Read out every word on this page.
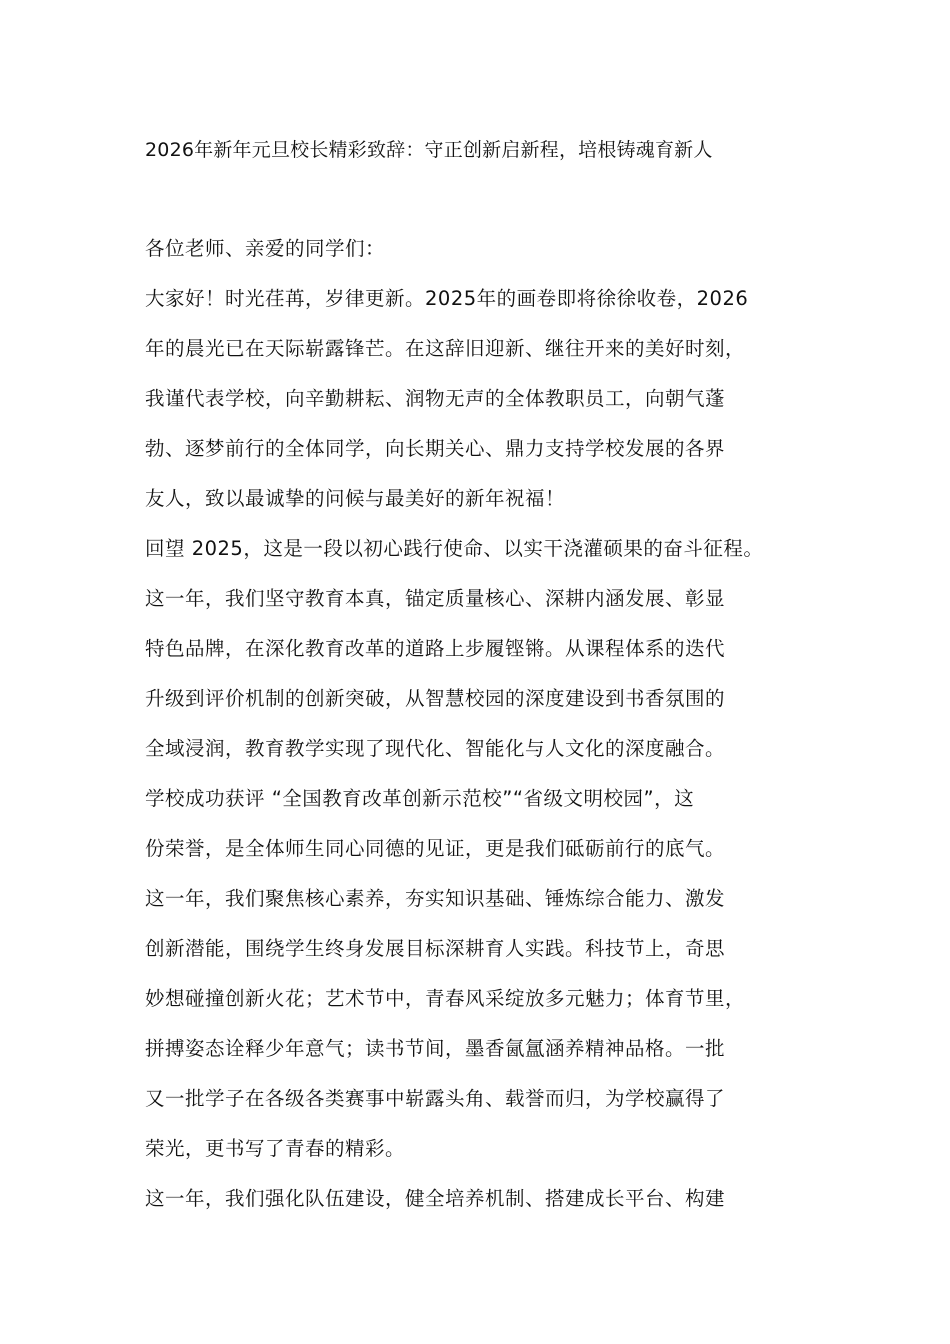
2026年新年元旦校长精彩致辞：守正创新启新程，培根铸魂育新人
各位老师、亲爱的同学们：
大家好！时光荏苒，岁律更新。2025年的画卷即将徐徐收卷，2026
年的晨光已在天际崭露锋芒。在这辞旧迎新、继往开来的美好时刻，
我谨代表学校，向辛勤耕耘、润物无声的全体教职员工，向朝气蓬
勃、逐梦前行的全体同学，向长期关心、鼎力支持学校发展的各界
友人，致以最诚挚的问候与最美好的新年祝福！
回望 2025，这是一段以初心践行使命、以实干浇灌硕果的奋斗征程。
这一年，我们坚守教育本真，锚定质量核心、深耕内涵发展、彰显
特色品牌，在深化教育改革的道路上步履铿锵。从课程体系的迭代
升级到评价机制的创新突破，从智慧校园的深度建设到书香氛围的
全域浸润，教育教学实现了现代化、智能化与人文化的深度融合。
学校成功获评 “全国教育改革创新示范校”“省级文明校园”，这
份荣誉，是全体师生同心同德的见证，更是我们砥砺前行的底气。
这一年，我们聚焦核心素养，夯实知识基础、锤炼综合能力、激发
创新潜能，围绕学生终身发展目标深耕育人实践。科技节上，奇思
妙想碰撞创新火花；艺术节中，青春风采绽放多元魅力；体育节里，
拼搏姿态诠释少年意气；读书节间，墨香氤氲涵养精神品格。一批
又一批学子在各级各类赛事中崭露头角、载誉而归，为学校赢得了
荣光，更书写了青春的精彩。
这一年，我们强化队伍建设，健全培养机制、搭建成长平台、构建
